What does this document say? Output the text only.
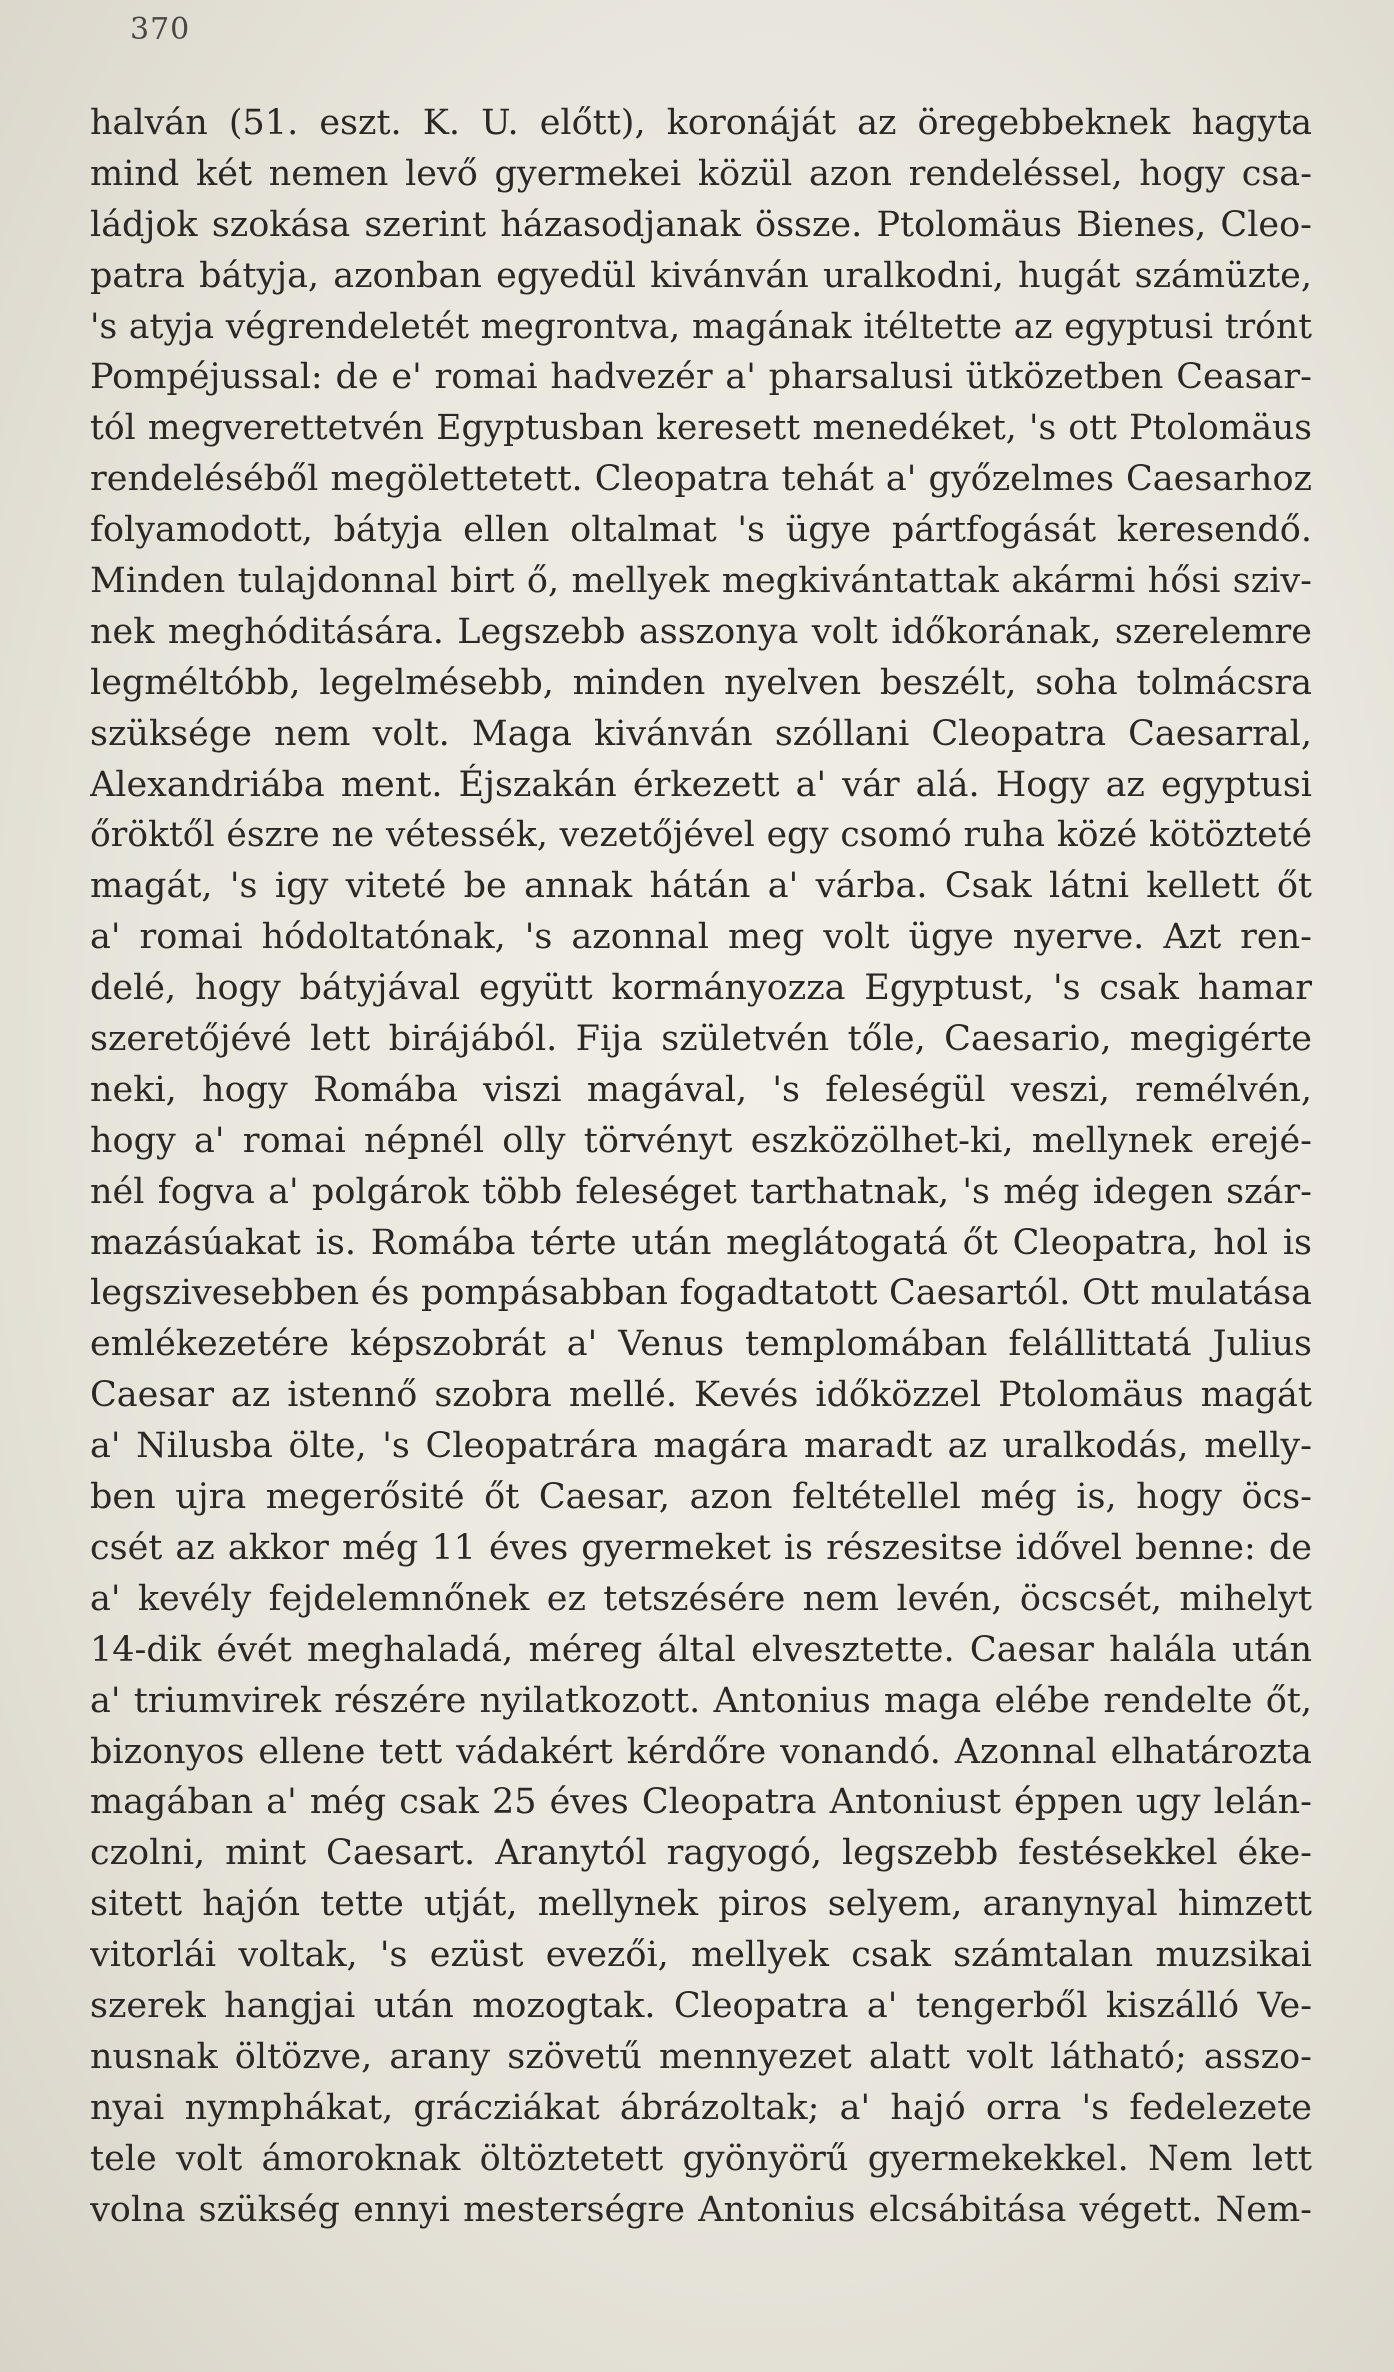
370
halván (51. eszt. K. U. előtt), koronáját az öregebbeknek hagyta
mind két nemen levő gyermekei közül azon rendeléssel, hogy csa-
ládjok szokása szerint házasodjanak össze. Ptolomäus Bienes, Cleo-
patra bátyja, azonban egyedül kivánván uralkodni, hugát számüzte,
's atyja végrendeletét megrontva, magának itéltette az egyptusi trónt
Pompéjussal: de e' romai hadvezér a' pharsalusi ütközetben Ceasar-
tól megverettetvén Egyptusban keresett menedéket, 's ott Ptolomäus
rendeléséből megölettetett. Cleopatra tehát a' győzelmes Caesarhoz
folyamodott, bátyja ellen oltalmat 's ügye pártfogását keresendő.
Minden tulajdonnal birt ő, mellyek megkivántattak akármi hősi sziv-
nek meghóditására. Legszebb asszonya volt időkorának, szerelemre
legméltóbb, legelmésebb, minden nyelven beszélt, soha tolmácsra
szüksége nem volt. Maga kivánván szóllani Cleopatra Caesarral,
Alexandriába ment. Éjszakán érkezett a' vár alá. Hogy az egyptusi
őröktől észre ne vétessék, vezetőjével egy csomó ruha közé kötözteté
magát, 's igy viteté be annak hátán a' várba. Csak látni kellett őt
a' romai hódoltatónak, 's azonnal meg volt ügye nyerve. Azt ren-
delé, hogy bátyjával együtt kormányozza Egyptust, 's csak hamar
szeretőjévé lett birájából. Fija születvén tőle, Caesario, megigérte
neki, hogy Romába viszi magával, 's feleségül veszi, remélvén,
hogy a' romai népnél olly törvényt eszközölhet-ki, mellynek erejé-
nél fogva a' polgárok több feleséget tarthatnak, 's még idegen szár-
mazásúakat is. Romába térte után meglátogatá őt Cleopatra, hol is
legszivesebben és pompásabban fogadtatott Caesartól. Ott mulatása
emlékezetére képszobrát a' Venus templomában felállittatá Julius
Caesar az istennő szobra mellé. Kevés időközzel Ptolomäus magát
a' Nilusba ölte, 's Cleopatrára magára maradt az uralkodás, melly-
ben ujra megerősité őt Caesar, azon feltétellel még is, hogy öcs-
csét az akkor még 11 éves gyermeket is részesitse idővel benne: de
a' kevély fejdelemnőnek ez tetszésére nem levén, öcscsét, mihelyt
14-dik évét meghaladá, méreg által elvesztette. Caesar halála után
a' triumvirek részére nyilatkozott. Antonius maga elébe rendelte őt,
bizonyos ellene tett vádakért kérdőre vonandó. Azonnal elhatározta
magában a' még csak 25 éves Cleopatra Antoniust éppen ugy lelán-
czolni, mint Caesart. Aranytól ragyogó, legszebb festésekkel éke-
sitett hajón tette utját, mellynek piros selyem, aranynyal himzett
vitorlái voltak, 's ezüst evezői, mellyek csak számtalan muzsikai
szerek hangjai után mozogtak. Cleopatra a' tengerből kiszálló Ve-
nusnak öltözve, arany szövetű mennyezet alatt volt látható; asszo-
nyai nymphákat, grácziákat ábrázoltak; a' hajó orra 's fedelezete
tele volt ámoroknak öltöztetett gyönyörű gyermekekkel. Nem lett
volna szükség ennyi mesterségre Antonius elcsábitása végett. Nem-
